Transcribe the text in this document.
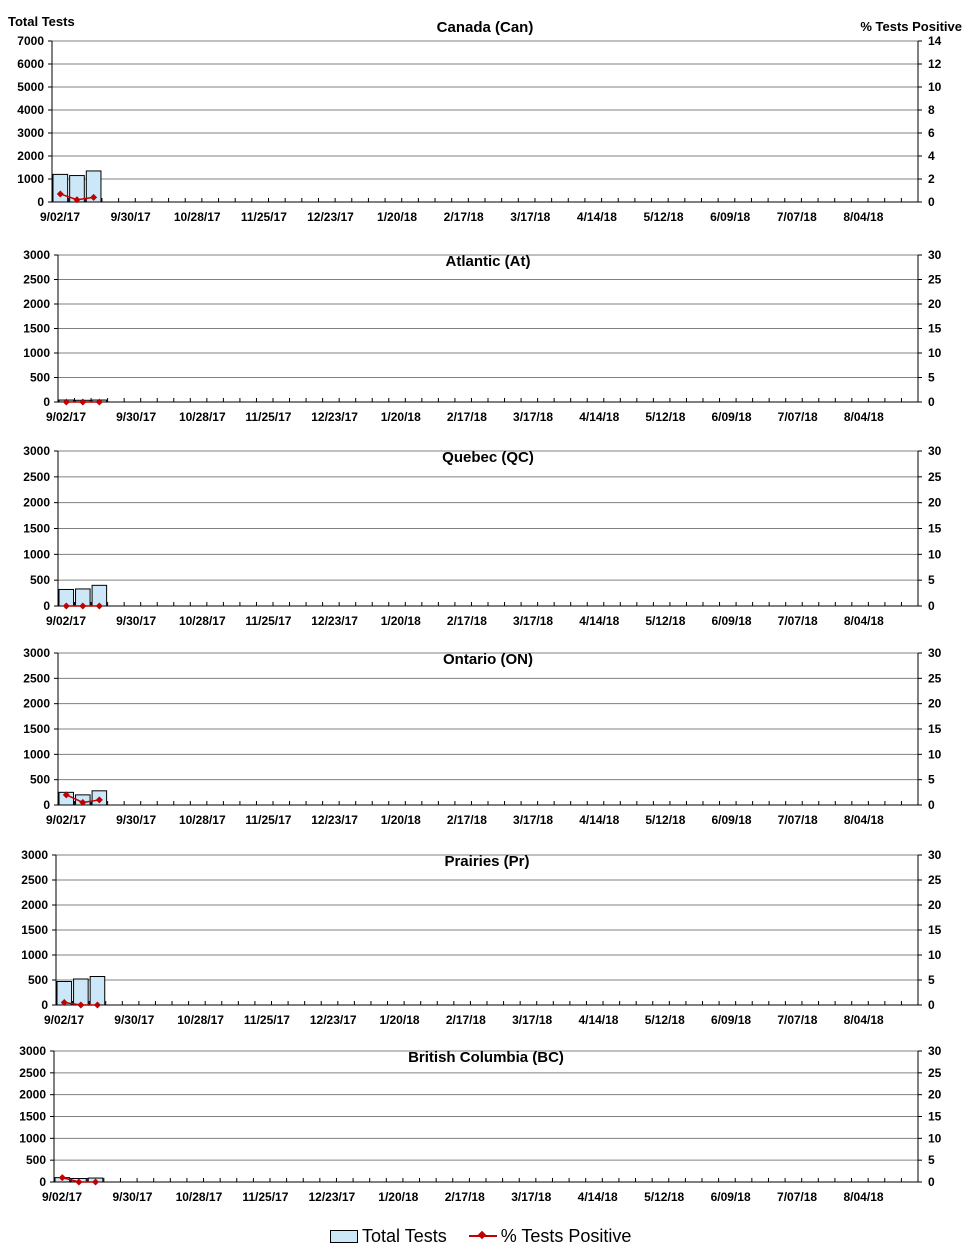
Total Tests	% Tests Positive
0
1000
2000
3000
4000
5000
6000
7000
0
2
4
6
8
10
12
14
9/02/17	9/30/17 10/28/17 11/25/17 12/23/17 1/20/18 2/17/18 3/17/18 4/14/18 5/12/18 6/09/18 7/07/18 8/04/18
Canada (Can)
0
500
1000
1500
2000
2500
3000
0
5
10
15
20
25
30
9/02/17	9/30/17 10/28/17 11/25/17 12/23/17 1/20/18 2/17/18 3/17/18 4/14/18 5/12/18 6/09/18 7/07/18 8/04/18
Atlantic (At)
0
500
1000
1500
2000
2500
3000
0
5
10
15
20
25
30
9/02/17	9/30/17 10/28/17 11/25/17 12/23/17 1/20/18 2/17/18 3/17/18 4/14/18 5/12/18 6/09/18 7/07/18 8/04/18
Quebec (QC)
0
500
1000
1500
2000
2500
3000
0
5
10
15
20
25
30
9/02/17	9/30/17 10/28/17 11/25/17 12/23/17 1/20/18 2/17/18 3/17/18 4/14/18 5/12/18 6/09/18 7/07/18 8/04/18
Ontario (ON)
0
500
1000
1500
2000
2500
3000
0
5
10
15
20
25
30
9/02/17	9/30/17 10/28/17 11/25/17 12/23/17 1/20/18 2/17/18 3/17/18 4/14/18 5/12/18 6/09/18 7/07/18 8/04/18
Prairies (Pr)
0
500
1000
1500
2000
2500
3000
0
5
10
15
20
25
30
9/02/17	9/30/17 10/28/17 11/25/17 12/23/17 1/20/18 2/17/18 3/17/18 4/14/18 5/12/18 6/09/18 7/07/18 8/04/18
British Columbia (BC)
Total Tests	% Tests Positive
